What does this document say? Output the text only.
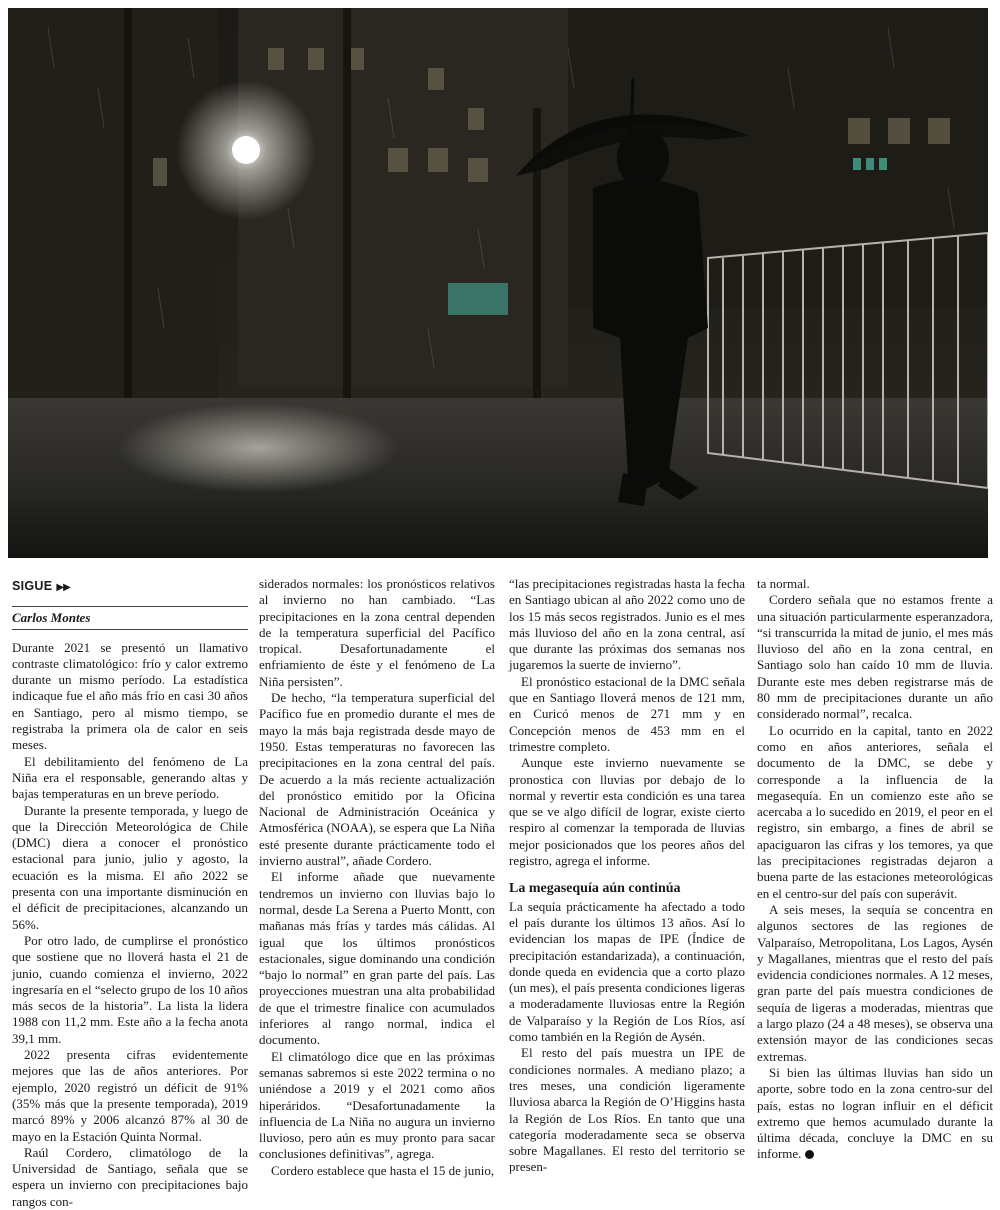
SIGUE ▶▶
Carlos Montes

Durante 2021 se presentó un llamativo contraste climatológico: frío y calor extremo durante un mismo período. La estadística indicaque fue el año más frío en casi 30 años en Santiago, pero al mismo tiempo, se registraba la primera ola de calor en seis meses.

El debilitamiento del fenómeno de La Niña era el responsable, generando altas y bajas temperaturas en un breve período.

Durante la presente temporada, y luego de que la Dirección Meteorológica de Chile (DMC) diera a conocer el pronóstico estacional para junio, julio y agosto, la ecuación es la misma. El año 2022 se presenta con una importante disminución en el déficit de precipitaciones, alcanzando un 56%.

Por otro lado, de cumplirse el pronóstico que sostiene que no lloverá hasta el 21 de junio, cuando comienza el invierno, 2022 ingresaría en el “selecto grupo de los 10 años más secos de la historia”. La lista la lidera 1988 con 11,2 mm. Este año a la fecha anota 39,1 mm.

2022 presenta cifras evidentemente mejores que las de años anteriores. Por ejemplo, 2020 registró un déficit de 91% (35% más que la presente temporada), 2019 marcó 89% y 2006 alcanzó 87% al 30 de mayo en la Estación Quinta Normal.

Raúl Cordero, climatólogo de la Universidad de Santiago, señala que se espera un invierno con precipitaciones bajo rangos con-

siderados normales: los pronósticos relativos al invierno no han cambiado. “Las precipitaciones en la zona central dependen de la temperatura superficial del Pacífico tropical. Desafortunadamente el enfriamiento de éste y el fenómeno de La Niña persisten”.

De hecho, “la temperatura superficial del Pacífico fue en promedio durante el mes de mayo la más baja registrada desde mayo de 1950. Estas temperaturas no favorecen las precipitaciones en la zona central del país. De acuerdo a la más reciente actualización del pronóstico emitido por la Oficina Nacional de Administración Oceánica y Atmosférica (NOAA), se espera que La Niña esté presente durante prácticamente todo el invierno austral”, añade Cordero.

El informe añade que nuevamente tendremos un invierno con lluvias bajo lo normal, desde La Serena a Puerto Montt, con mañanas más frías y tardes más cálidas. Al igual que los últimos pronósticos estacionales, sigue dominando una condición “bajo lo normal” en gran parte del país. Las proyecciones muestran una alta probabilidad de que el trimestre finalice con acumulados inferiores al rango normal, indica el documento.

El climatólogo dice que en las próximas semanas sabremos si este 2022 termina o no uniéndose a 2019 y el 2021 como años hiperáridos. “Desafortunadamente la influencia de La Niña no augura un invierno lluvioso, pero aún es muy pronto para sacar conclusiones definitivas”, agrega.

Cordero establece que hasta el 15 de junio,

“las precipitaciones registradas hasta la fecha en Santiago ubican al año 2022 como uno de los 15 más secos registrados. Junio es el mes más lluvioso del año en la zona central, así que durante las próximas dos semanas nos jugaremos la suerte de invierno”.

El pronóstico estacional de la DMC señala que en Santiago lloverá menos de 121 mm, en Curicó menos de 271 mm y en Concepción menos de 453 mm en el trimestre completo.

Aunque este invierno nuevamente se pronostica con lluvias por debajo de lo normal y revertir esta condición es una tarea que se ve algo difícil de lograr, existe cierto respiro al comenzar la temporada de lluvias mejor posicionados que los peores años del registro, agrega el informe.

La megasequía aún continúa

La sequía prácticamente ha afectado a todo el país durante los últimos 13 años. Así lo evidencian los mapas de IPE (Índice de precipitación estandarizada), a continuación, donde queda en evidencia que a corto plazo (un mes), el país presenta condiciones ligeras a moderadamente lluviosas entre la Región de Valparaíso y la Región de Los Ríos, así como también en la Región de Aysén.

El resto del país muestra un IPE de condiciones normales. A mediano plazo; a tres meses, una condición ligeramente lluviosa abarca la Región de O’Higgins hasta la Región de Los Ríos. En tanto que una categoría moderadamente seca se observa sobre Magallanes. El resto del territorio se presen-

ta normal.

Cordero señala que no estamos frente a una situación particularmente esperanzadora, “si transcurrida la mitad de junio, el mes más lluvioso del año en la zona central, en Santiago solo han caído 10 mm de lluvia. Durante este mes deben registrarse más de 80 mm de precipitaciones durante un año considerado normal”, recalca.

Lo ocurrido en la capital, tanto en 2022 como en años anteriores, señala el documento de la DMC, se debe y corresponde a la influencia de la megasequía. En un comienzo este año se acercaba a lo sucedido en 2019, el peor en el registro, sin embargo, a fines de abril se apaciguaron las cifras y los temores, ya que las precipitaciones registradas dejaron a buena parte de las estaciones meteorológicas en el centro-sur del país con superávit.

A seis meses, la sequía se concentra en algunos sectores de las regiones de Valparaíso, Metropolitana, Los Lagos, Aysén y Magallanes, mientras que el resto del país evidencia condiciones normales. A 12 meses, gran parte del país muestra condiciones de sequía de ligeras a moderadas, mientras que a largo plazo (24 a 48 meses), se observa una extensión mayor de las condiciones secas extremas.

Si bien las últimas lluvias han sido un aporte, sobre todo en la zona centro-sur del país, estas no logran influir en el déficit extremo que hemos acumulado durante la última década, concluye la DMC en su informe.
